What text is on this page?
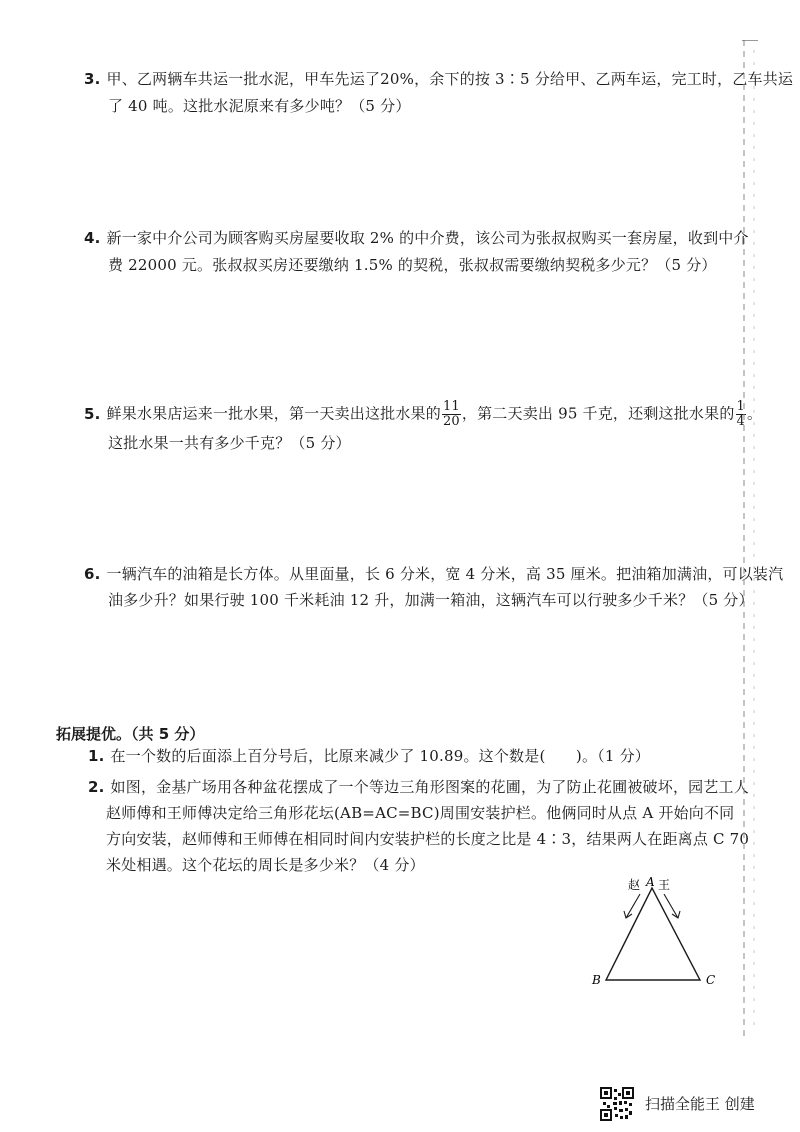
3. 甲、乙两辆车共运一批水泥，甲车先运了20%，余下的按 3∶5 分给甲、乙两车运，完工时，乙车共运
了 40 吨。这批水泥原来有多少吨？（5 分）
4. 新一家中介公司为顾客购买房屋要收取 2% 的中介费，该公司为张叔叔购买一套房屋，收到中介
费 22000 元。张叔叔买房还要缴纳 1.5% 的契税，张叔叔需要缴纳契税多少元？（5 分）
5. 鲜果水果店运来一批水果，第一天卖出这批水果的 $\frac{11}{20}$ ，第二天卖出 95 千克，还剩这批水果的 $\frac{1}{4}$ 。
这批水果一共有多少千克？（5 分）
6. 一辆汽车的油箱是长方体。从里面量，长 6 分米，宽 4 分米，高 35 厘米。把油箱加满油，可以装汽
油多少升？如果行驶 100 千米耗油 12 升，加满一箱油，这辆汽车可以行驶多少千米？（5 分）
拓展提优。（共 5 分）
1. 在一个数的后面添上百分号后，比原来减少了 10.89。这个数是(　　)。（1 分）
2. 如图，金基广场用各种盆花摆成了一个等边三角形图案的花圃，为了防止花圃被破坏，园艺工人
赵师傅和王师傅决定给三角形花坛(AB=AC=BC)周围安装护栏。他俩同时从点 A 开始向不同
方向安装，赵师傅和王师傅在相同时间内安装护栏的长度之比是 4∶3，结果两人在距离点 C 70
米处相遇。这个花坛的周长是多少米？（4 分）
赵 A 王
B	C
扫描全能王 创建
